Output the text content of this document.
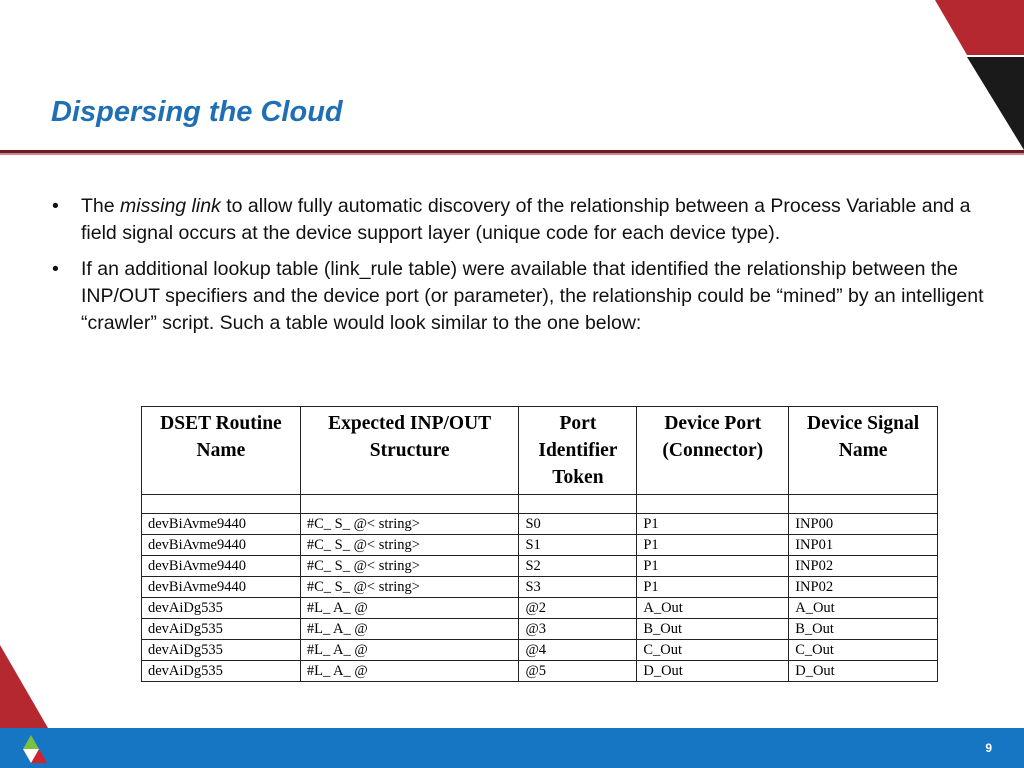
Dispersing the Cloud
• The missing link to allow fully automatic discovery of the relationship between a Process Variable and a field signal occurs at the device support layer (unique code for each device type).
• If an additional lookup table (link_rule table) were available that identified the relationship between the INP/OUT specifiers and the device port (or parameter), the relationship could be “mined” by an intelligent “crawler” script. Such a table would look similar to the one below:
DSET Routine Name	Expected INP/OUT Structure	Port Identifier Token	Device Port (Connector)	Device Signal Name

devBiAvme9440	#C_ S_ @< string>	S0	P1	INP00
devBiAvme9440	#C_ S_ @< string>	S1	P1	INP01
devBiAvme9440	#C_ S_ @< string>	S2	P1	INP02
devBiAvme9440	#C_ S_ @< string>	S3	P1	INP02
devAiDg535	#L_ A_ @	@2	A_Out	A_Out
devAiDg535	#L_ A_ @	@3	B_Out	B_Out
devAiDg535	#L_ A_ @	@4	C_Out	C_Out
devAiDg535	#L_ A_ @	@5	D_Out	D_Out
9
